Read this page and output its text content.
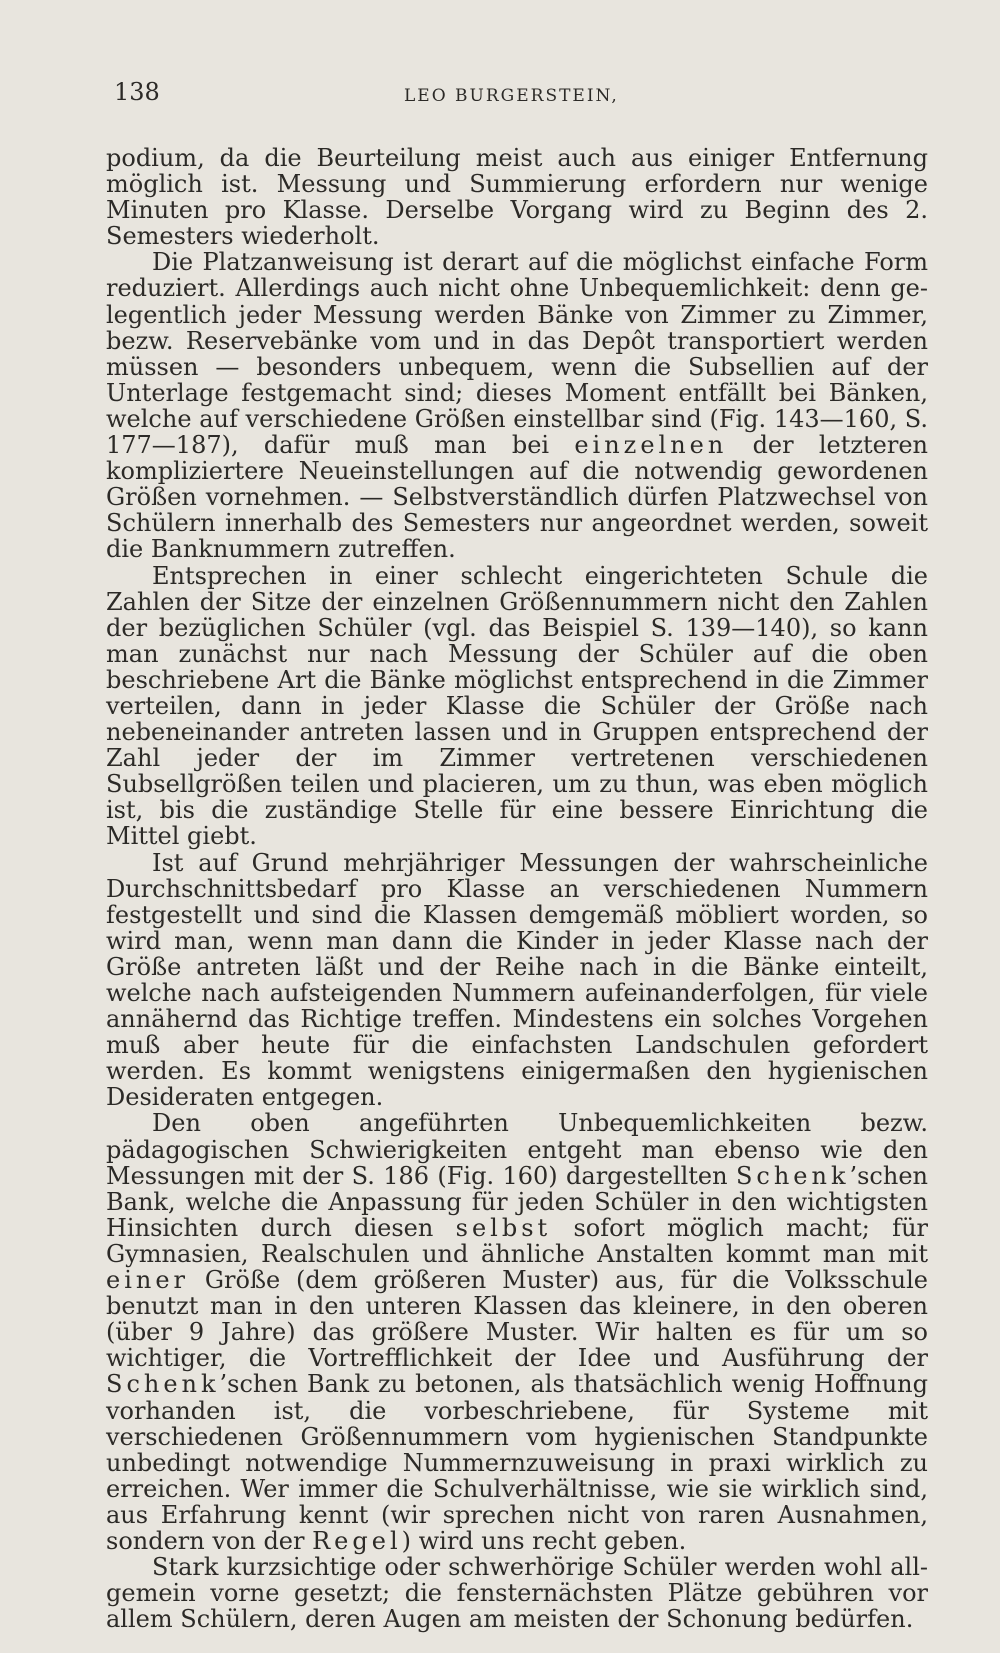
138	LEO BURGERSTEIN,

podium, da die Beurteilung meist auch aus einiger Entfernung möglich ist. Messung und Summierung erfordern nur wenige Minuten pro Klasse. Derselbe Vorgang wird zu Beginn des 2. Semesters wiederholt.

Die Platzanweisung ist derart auf die möglichst einfache Form reduziert. Allerdings auch nicht ohne Unbequemlichkeit: denn gelegentlich jeder Messung werden Bänke von Zimmer zu Zimmer, bezw. Reservebänke vom und in das Depôt transportiert werden müssen — besonders unbequem, wenn die Subsellien auf der Unterlage festgemacht sind; dieses Moment entfällt bei Bänken, welche auf verschiedene Größen einstellbar sind (Fig. 143—160, S. 177—187), dafür muß man bei einzelnen der letzteren kompliziertere Neueinstellungen auf die notwendig gewordenen Größen vornehmen. — Selbstverständlich dürfen Platzwechsel von Schülern innerhalb des Semesters nur angeordnet werden, soweit die Banknummern zutreffen.

Entsprechen in einer schlecht eingerichteten Schule die Zahlen der Sitze der einzelnen Größennummern nicht den Zahlen der bezüglichen Schüler (vgl. das Beispiel S. 139—140), so kann man zunächst nur nach Messung der Schüler auf die oben beschriebene Art die Bänke möglichst entsprechend in die Zimmer verteilen, dann in jeder Klasse die Schüler der Größe nach nebeneinander antreten lassen und in Gruppen entsprechend der Zahl jeder der im Zimmer vertretenen verschiedenen Subsellgrößen teilen und placieren, um zu thun, was eben möglich ist, bis die zuständige Stelle für eine bessere Einrichtung die Mittel giebt.

Ist auf Grund mehrjähriger Messungen der wahrscheinliche Durchschnittsbedarf pro Klasse an verschiedenen Nummern festgestellt und sind die Klassen demgemäß möbliert worden, so wird man, wenn man dann die Kinder in jeder Klasse nach der Größe antreten läßt und der Reihe nach in die Bänke einteilt, welche nach aufsteigenden Nummern aufeinanderfolgen, für viele annähernd das Richtige treffen. Mindestens ein solches Vorgehen muß aber heute für die einfachsten Landschulen gefordert werden. Es kommt wenigstens einigermaßen den hygienischen Desideraten entgegen.

Den oben angeführten Unbequemlichkeiten bezw. pädagogischen Schwierigkeiten entgeht man ebenso wie den Messungen mit der S. 186 (Fig. 160) dargestellten Schenk’schen Bank, welche die Anpassung für jeden Schüler in den wichtigsten Hinsichten durch diesen selbst sofort möglich macht; für Gymnasien, Realschulen und ähnliche Anstalten kommt man mit einer Größe (dem größeren Muster) aus, für die Volksschule benutzt man in den unteren Klassen das kleinere, in den oberen (über 9 Jahre) das größere Muster. Wir halten es für um so wichtiger, die Vortrefflichkeit der Idee und Ausführung der Schenk’schen Bank zu betonen, als thatsächlich wenig Hoffnung vorhanden ist, die vorbeschriebene, für Systeme mit verschiedenen Größennummern vom hygienischen Standpunkte unbedingt notwendige Nummernzuweisung in praxi wirklich zu erreichen. Wer immer die Schulverhältnisse, wie sie wirklich sind, aus Erfahrung kennt (wir sprechen nicht von raren Ausnahmen, sondern von der Regel) wird uns recht geben.

Stark kurzsichtige oder schwerhörige Schüler werden wohl allgemein vorne gesetzt; die fensternächsten Plätze gebühren vor allem Schülern, deren Augen am meisten der Schonung bedürfen.
